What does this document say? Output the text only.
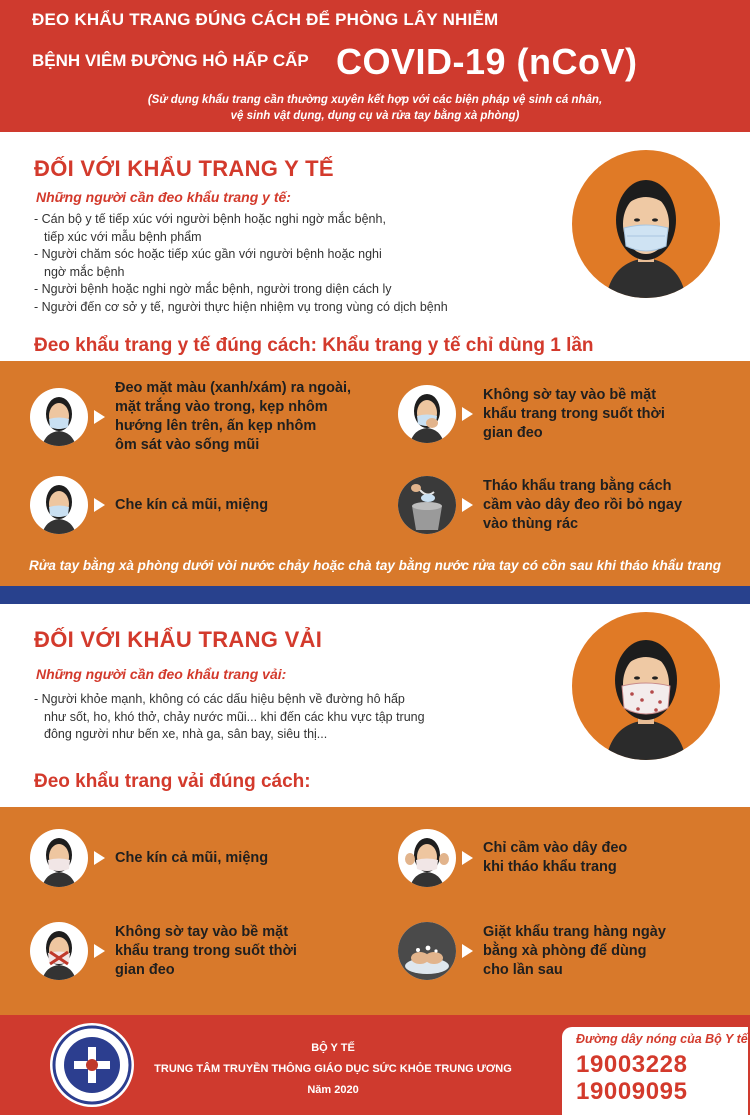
ĐEO KHẨU TRANG ĐÚNG CÁCH ĐỂ PHÒNG LÂY NHIỄM
BỆNH VIÊM ĐƯỜNG HÔ HẤP CẤP COVID-19 (nCoV)
(Sử dụng khẩu trang cần thường xuyên kết hợp với các biện pháp vệ sinh cá nhân,
vệ sinh vật dụng, dụng cụ và rửa tay bằng xà phòng)
ĐỐI VỚI KHẨU TRANG Y TẾ
Những người cần đeo khẩu trang y tế:
- Cán bộ y tế tiếp xúc với người bệnh hoặc nghi ngờ mắc bệnh,
tiếp xúc với mẫu bệnh phẩm
- Người chăm sóc hoặc tiếp xúc gần với người bệnh hoặc nghi
ngờ mắc bệnh
- Người bệnh hoặc nghi ngờ mắc bệnh, người trong diện cách ly
- Người đến cơ sở y tế, người thực hiện nhiệm vụ trong vùng có dịch bệnh
Đeo khẩu trang y tế đúng cách: Khẩu trang y tế chỉ dùng 1 lần
Đeo mặt màu (xanh/xám) ra ngoài,
mặt trắng vào trong, kẹp nhôm
hướng lên trên, ấn kẹp nhôm
ôm sát vào sống mũi
Không sờ tay vào bề mặt
khẩu trang trong suốt thời
gian đeo
Che kín cả mũi, miệng
Tháo khẩu trang bằng cách
cầm vào dây đeo rồi bỏ ngay
vào thùng rác
Rửa tay bằng xà phòng dưới vòi nước chảy hoặc chà tay bằng nước rửa tay có cồn sau khi tháo khẩu trang
ĐỐI VỚI KHẨU TRANG VẢI
Những người cần đeo khẩu trang vải:
- Người khỏe mạnh, không có các dấu hiệu bệnh về đường hô hấp
như sốt, ho, khó thở, chảy nước mũi... khi đến các khu vực tập trung
đông người như bến xe, nhà ga, sân bay, siêu thị...
Đeo khẩu trang vải đúng cách:
Che kín cả mũi, miệng
Chỉ cầm vào dây đeo
khi tháo khẩu trang
Không sờ tay vào bề mặt
khẩu trang trong suốt thời
gian đeo
Giặt khẩu trang hàng ngày
bằng xà phòng để dùng
cho lần sau
BỘ Y TẾ
TRUNG TÂM TRUYỀN THÔNG GIÁO DỤC SỨC KHỎE TRUNG ƯƠNG
Năm 2020
Đường dây nóng của Bộ Y tế
19003228
19009095
